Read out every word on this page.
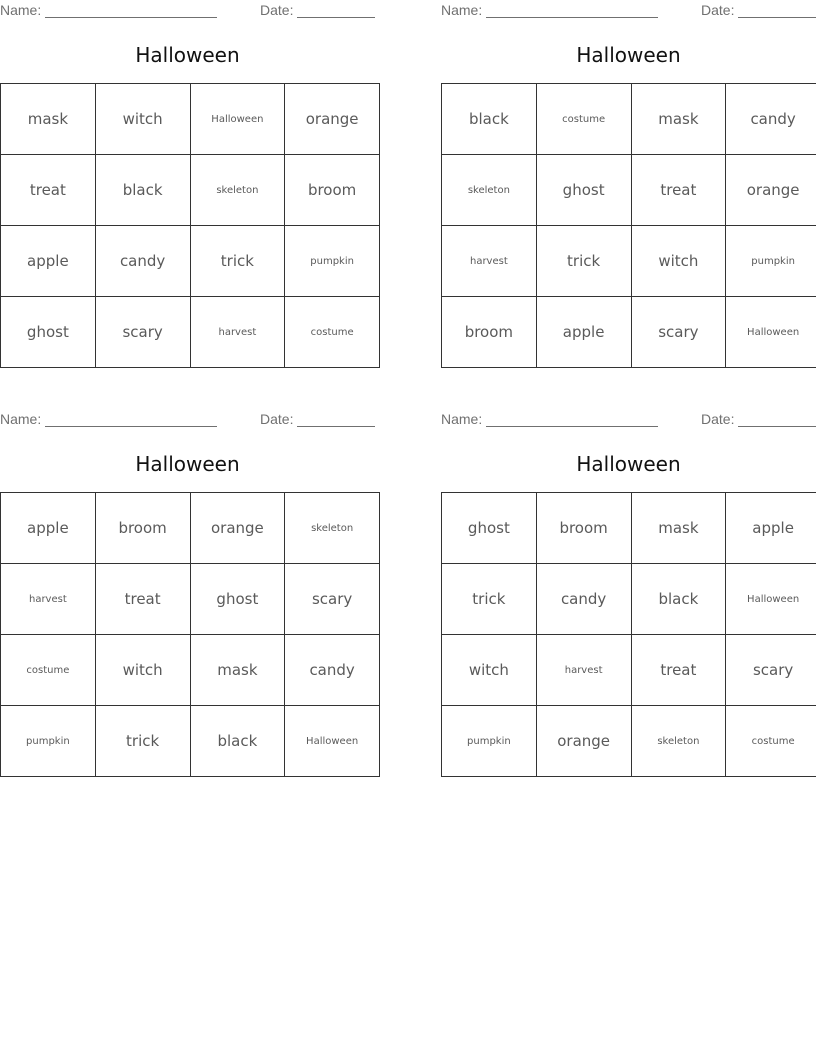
Name:	Date:
Halloween
mask	witch	Halloween	orange
treat	black	skeleton	broom
apple	candy	trick	pumpkin
ghost	scary	harvest	costume
Name:	Date:
Halloween
black	costume	mask	candy
skeleton	ghost	treat	orange
harvest	trick	witch	pumpkin
broom	apple	scary	Halloween
Name:	Date:
Halloween
apple	broom	orange	skeleton
harvest	treat	ghost	scary
costume	witch	mask	candy
pumpkin	trick	black	Halloween
Name:	Date:
Halloween
ghost	broom	mask	apple
trick	candy	black	Halloween
witch	harvest	treat	scary
pumpkin	orange	skeleton	costume
